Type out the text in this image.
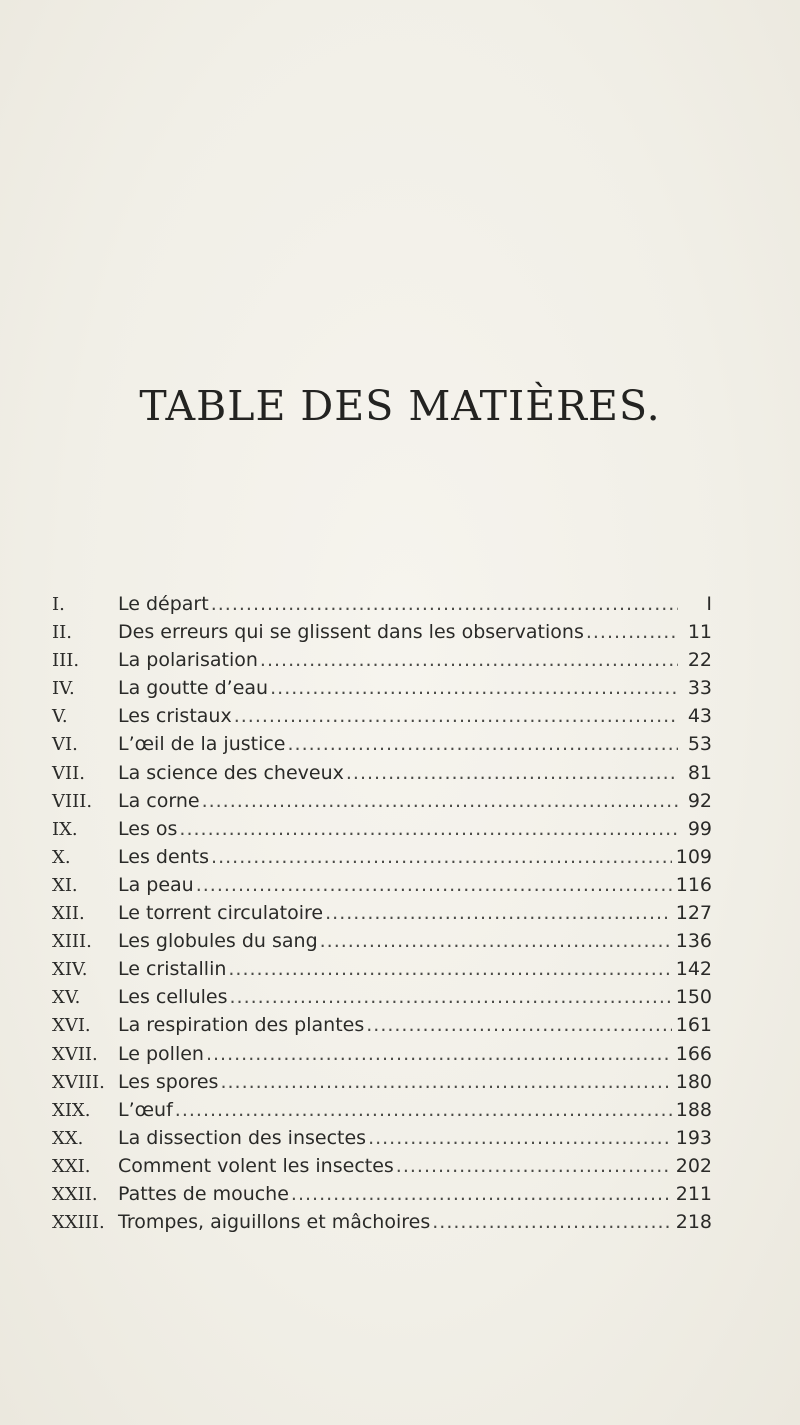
TABLE DES MATIÈRES.
I.	Le départ .....	I
II.	Des erreurs qui se glissent dans les observations .....	11
III.	La polarisation .....	22
IV.	La goutte d’eau .....	33
V.	Les cristaux .....	43
VI.	L’œil de la justice .....	53
VII.	La science des cheveux .....	81
VIII.	La corne .....	92
IX.	Les os .....	99
X.	Les dents .....	109
XI.	La peau .....	116
XII.	Le torrent circulatoire .....	127
XIII.	Les globules du sang .....	136
XIV.	Le cristallin .....	142
XV.	Les cellules .....	150
XVI.	La respiration des plantes .....	161
XVII.	Le pollen .....	166
XVIII. Les spores .....	180
XIX.	L’œuf .....	188
XX.	La dissection des insectes .....	193
XXI.	Comment volent les insectes .....	202
XXII.	Pattes de mouche .....	211
XXIII. Trompes, aiguillons et mâchoires .....	218
